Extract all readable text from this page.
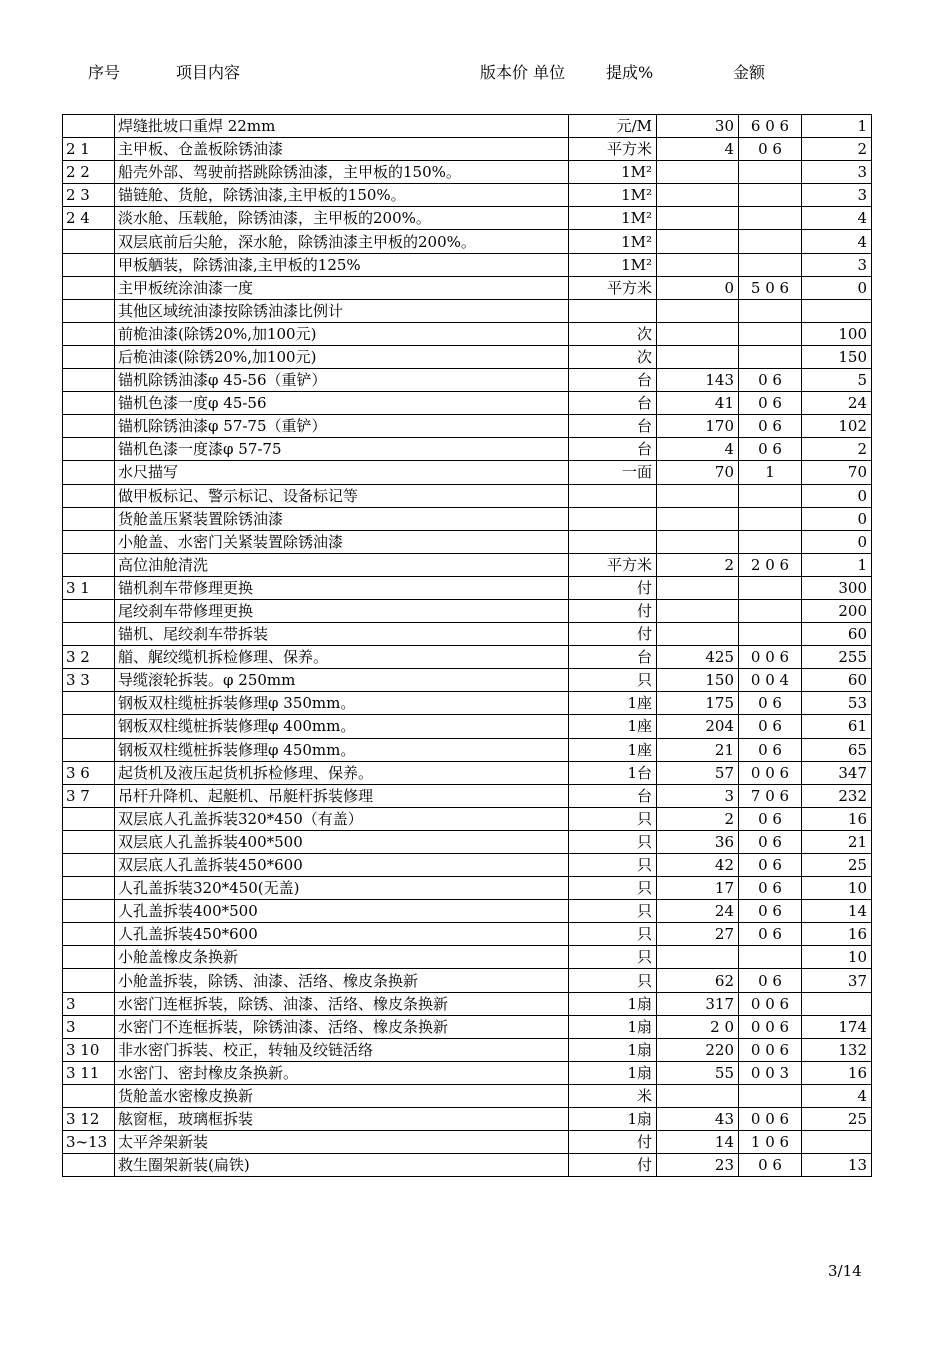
序号	项目内容	版本价 单位	提成%	金额
	焊缝批坡口重焊 22mm	元/M	30	6 0 6	1
2 1	主甲板、仓盖板除锈油漆	平方米	4	0 6	2
2 2	船壳外部、驾驶前搭跳除锈油漆，主甲板的150%。	1M²			3
2 3	锚链舱、货舱，除锈油漆,主甲板的150%。	1M²			3
2 4	淡水舱、压载舱，除锈油漆，主甲板的200%。	1M²			4
	双层底前后尖舱，深水舱，除锈油漆主甲板的200%。	1M²			4
	甲板舾装，除锈油漆,主甲板的125%	1M²			3
	主甲板统涂油漆一度	平方米	0	5 0 6	0
	其他区域统油漆按除锈油漆比例计				
	前桅油漆(除锈20%,加100元)	次			100
	后桅油漆(除锈20%,加100元)	次			150
	锚机除锈油漆φ 45-56（重铲）	台	143	0 6	5
	锚机色漆一度φ 45-56	台	41	0 6	24
	锚机除锈油漆φ 57-75（重铲）	台	170	0 6	102
	锚机色漆一度漆φ 57-75	台	4	0 6	2
	水尺描写	一面	70	1	70
	做甲板标记、警示标记、设备标记等				0
	货舱盖压紧装置除锈油漆				0
	小舱盖、水密门关紧装置除锈油漆				0
	高位油舱清洗	平方米	2	2 0 6	1
3 1	锚机刹车带修理更换	付			300
	尾绞刹车带修理更换	付			200
	锚机、尾绞刹车带拆装	付			60
3 2	艏、艉绞缆机拆检修理、保养。	台	425	0 0 6	255
3 3	导缆滚轮拆装。φ 250mm	只	150	0 0 4	60
	钢板双柱缆桩拆装修理φ 350mm。	1座	175	0 6	53
	钢板双柱缆桩拆装修理φ 400mm。	1座	204	0 6	61
	钢板双柱缆桩拆装修理φ 450mm。	1座	21	0 6	65
3 6	起货机及液压起货机拆检修理、保养。	1台	57	0 0 6	347
3 7	吊杆升降机、起艇机、吊艇杆拆装修理	台	3	7 0 6	232
	双层底人孔盖拆装320*450（有盖）	只	2	0 6	16
	双层底人孔盖拆装400*500	只	36	0 6	21
	双层底人孔盖拆装450*600	只	42	0 6	25
	人孔盖拆装320*450(无盖)	只	17	0 6	10
	人孔盖拆装400*500	只	24	0 6	14
	人孔盖拆装450*600	只	27	0 6	16
	小舱盖橡皮条换新	只			10
	小舱盖拆装，除锈、油漆、活络、橡皮条换新	只	62	0 6	37
3	水密门连框拆装，除锈、油漆、活络、橡皮条换新	1扇	317	0 0 6	
3	水密门不连框拆装，除锈油漆、活络、橡皮条换新	1扇	2 0	0 0 6	174
3 10	非水密门拆装、校正，转轴及绞链活络	1扇	220	0 0 6	132
3 11	水密门、密封橡皮条换新。	1扇	55	0 0 3	16
	货舱盖水密橡皮换新	米			4
3 12	舷窗框，玻璃框拆装	1扇	43	0 0 6	25
3~13	太平斧架新装	付	14	1 0 6	
	救生圈架新装(扁铁)	付	23	0 6	13
3/14
